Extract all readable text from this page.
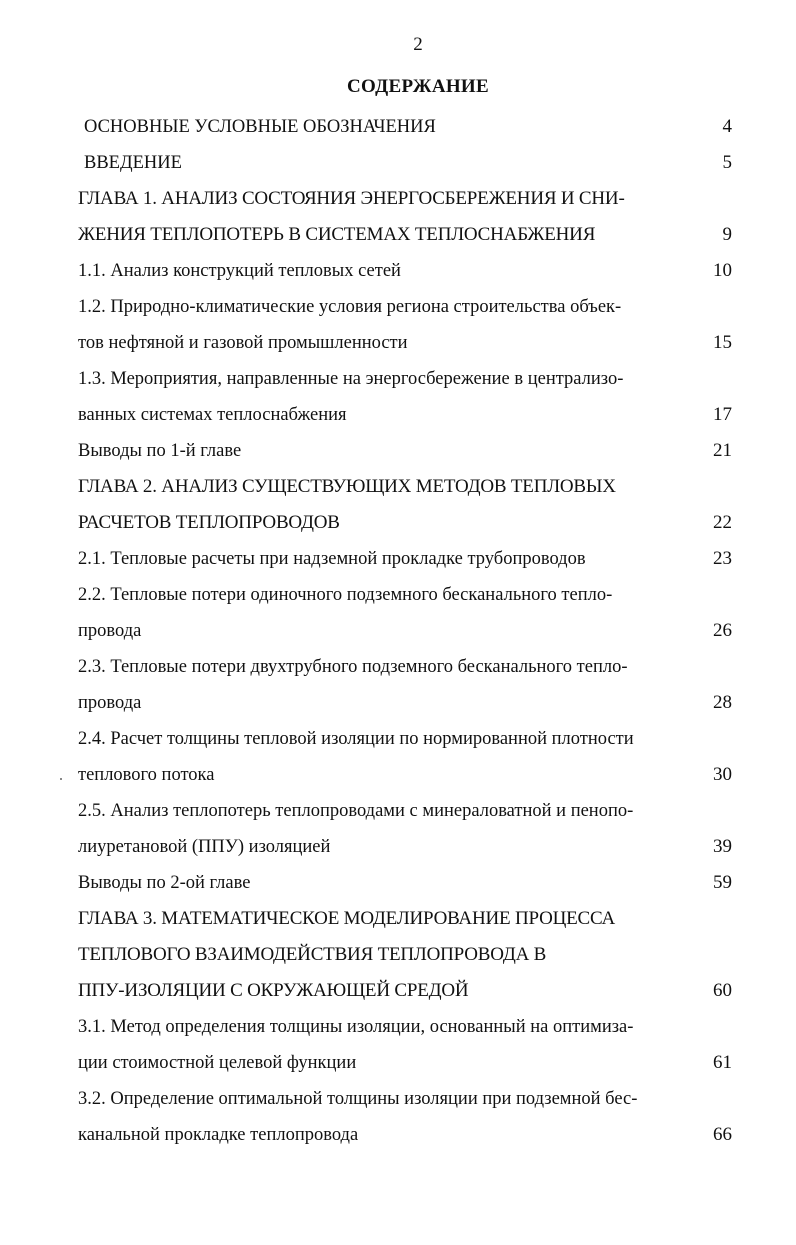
2
СОДЕРЖАНИЕ
ОСНОВНЫЕ УСЛОВНЫЕ ОБОЗНАЧЕНИЯ	4
ВВЕДЕНИЕ	5
ГЛАВА 1. АНАЛИЗ СОСТОЯНИЯ ЭНЕРГОСБЕРЕЖЕНИЯ И СНИ-
ЖЕНИЯ ТЕПЛОПОТЕРЬ В СИСТЕМАХ ТЕПЛОСНАБЖЕНИЯ	9
1.1. Анализ конструкций тепловых сетей	10
1.2. Природно-климатические условия региона строительства объек-
тов нефтяной и газовой промышленности	15
1.3. Мероприятия, направленные на энергосбережение в централизо-
ванных системах теплоснабжения	17
Выводы по 1-й главе	21
ГЛАВА 2. АНАЛИЗ СУЩЕСТВУЮЩИХ МЕТОДОВ ТЕПЛОВЫХ
РАСЧЕТОВ ТЕПЛОПРОВОДОВ	22
2.1. Тепловые расчеты при надземной прокладке трубопроводов	23
2.2. Тепловые потери одиночного подземного бесканального тепло-
провода	26
2.3. Тепловые потери двухтрубного подземного бесканального тепло-
провода	28
2.4. Расчет толщины тепловой изоляции по нормированной плотности
теплового потока	30
2.5. Анализ теплопотерь теплопроводами с минераловатной и пенопо-
лиуретановой (ППУ) изоляцией	39
Выводы по 2-ой главе	59
ГЛАВА 3. МАТЕМАТИЧЕСКОЕ МОДЕЛИРОВАНИЕ ПРОЦЕССА
ТЕПЛОВОГО ВЗАИМОДЕЙСТВИЯ ТЕПЛОПРОВОДА В
ППУ-ИЗОЛЯЦИИ С ОКРУЖАЮЩЕЙ СРЕДОЙ	60
3.1. Метод определения толщины изоляции, основанный на оптимиза-
ции стоимостной целевой функции	61
3.2. Определение оптимальной толщины изоляции при подземной бес-
канальной прокладке теплопровода	66
